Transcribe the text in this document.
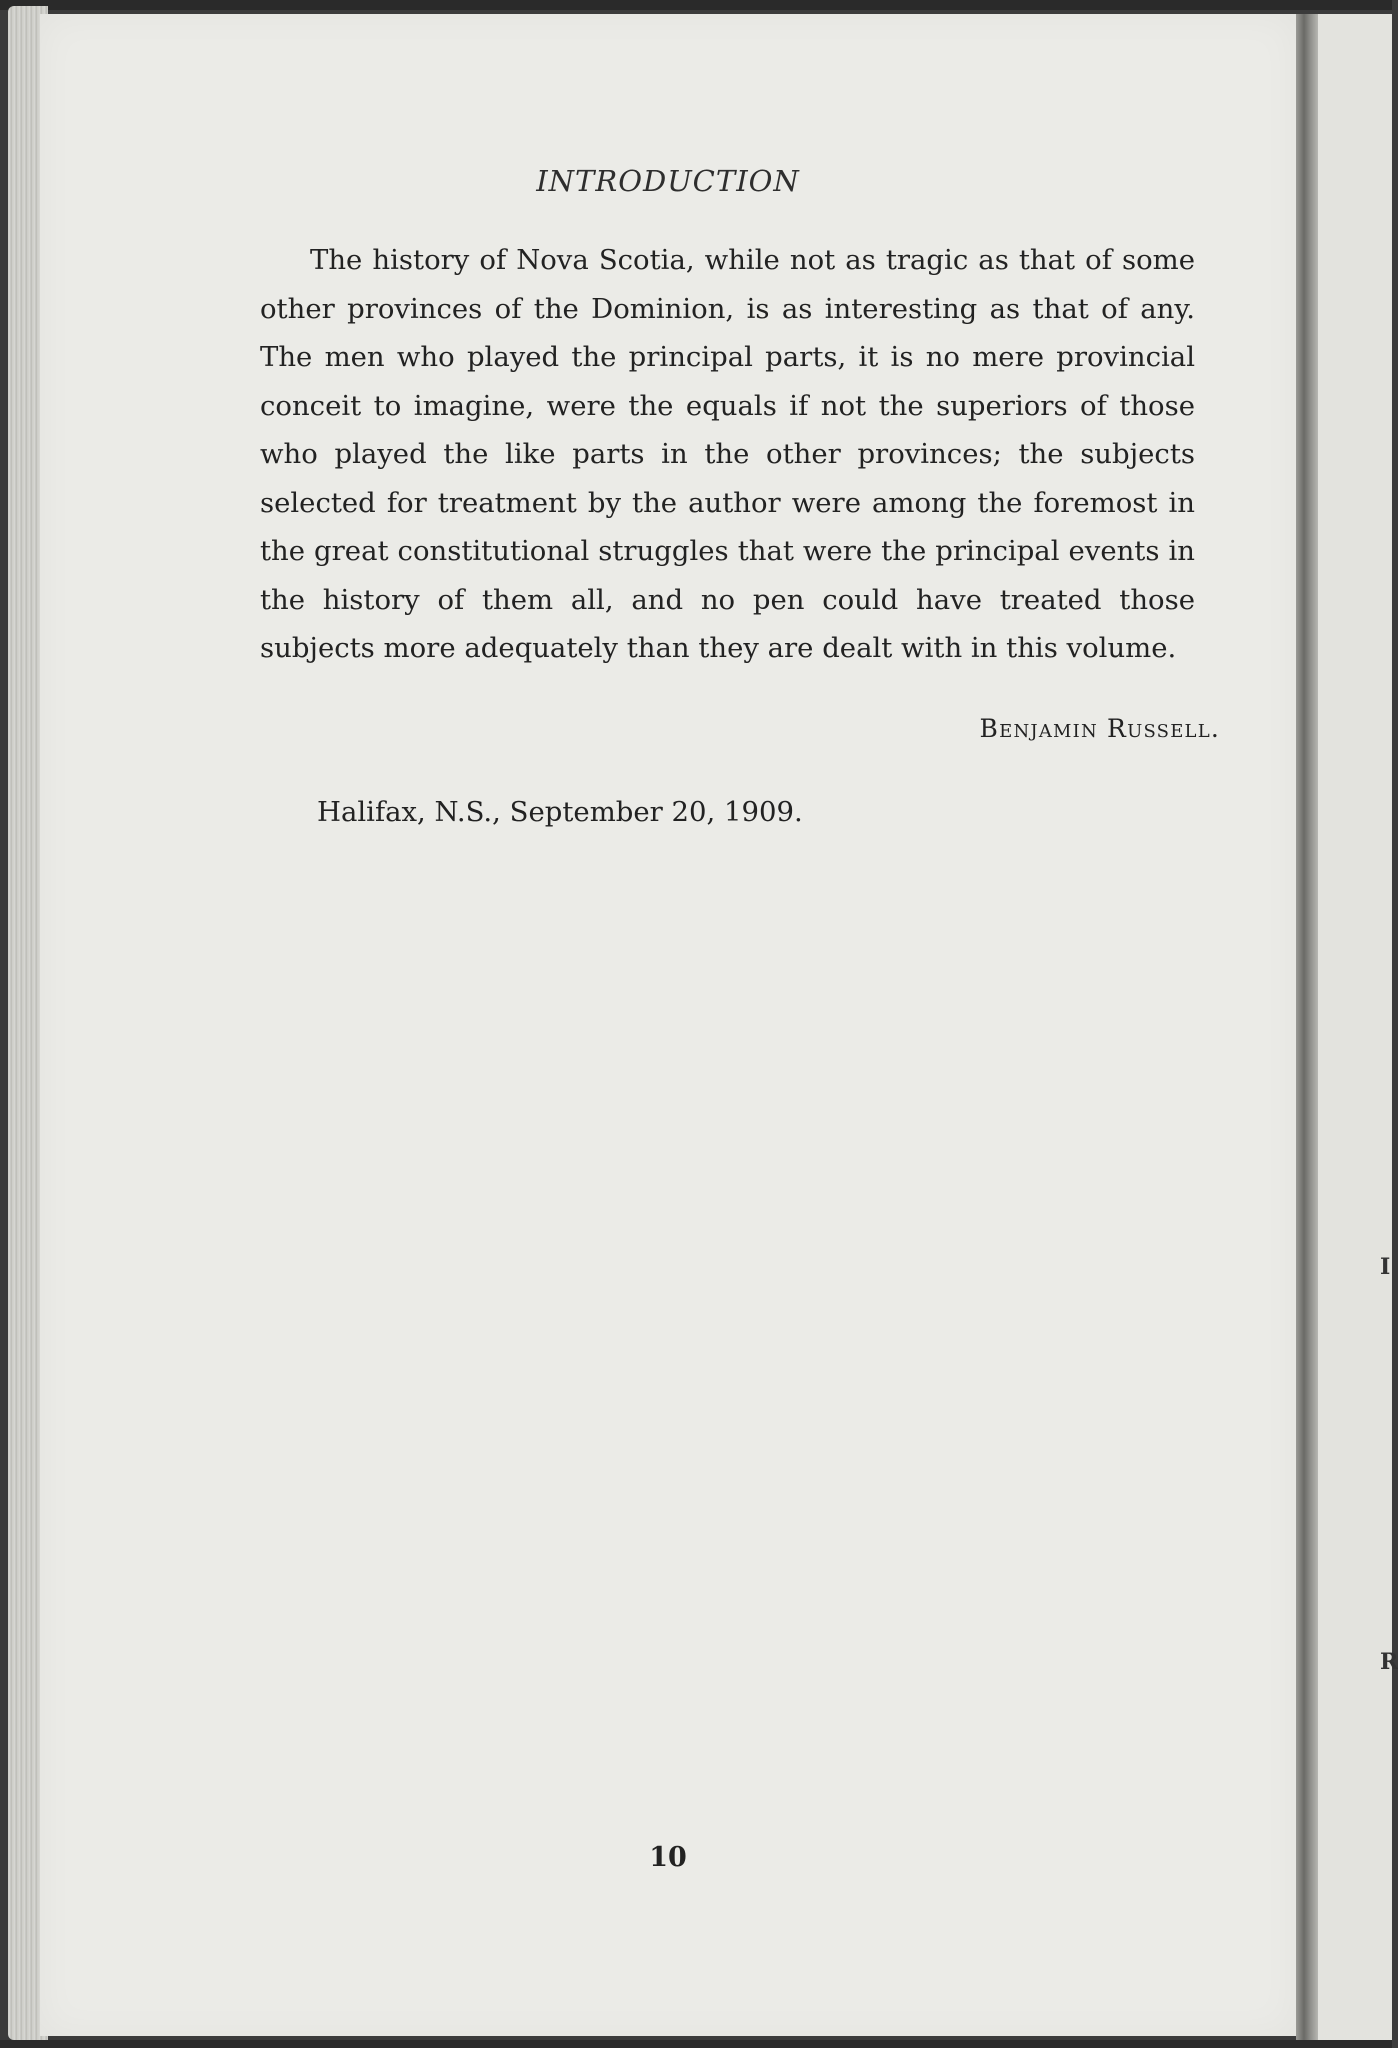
INTRODUCTION

The history of Nova Scotia, while not as tragic as that of some other provinces of the Dominion, is as interesting as that of any. The men who played the principal parts, it is no mere provincial conceit to imagine, were the equals if not the superiors of those who played the like parts in the other provinces; the subjects selected for treatment by the author were among the foremost in the great constitutional struggles that were the principal events in the history of them all, and no pen could have treated those subjects more adequately than they are dealt with in this volume.

Benjamin Russell.
Halifax, N.S., September 20, 1909.
10
I
R
